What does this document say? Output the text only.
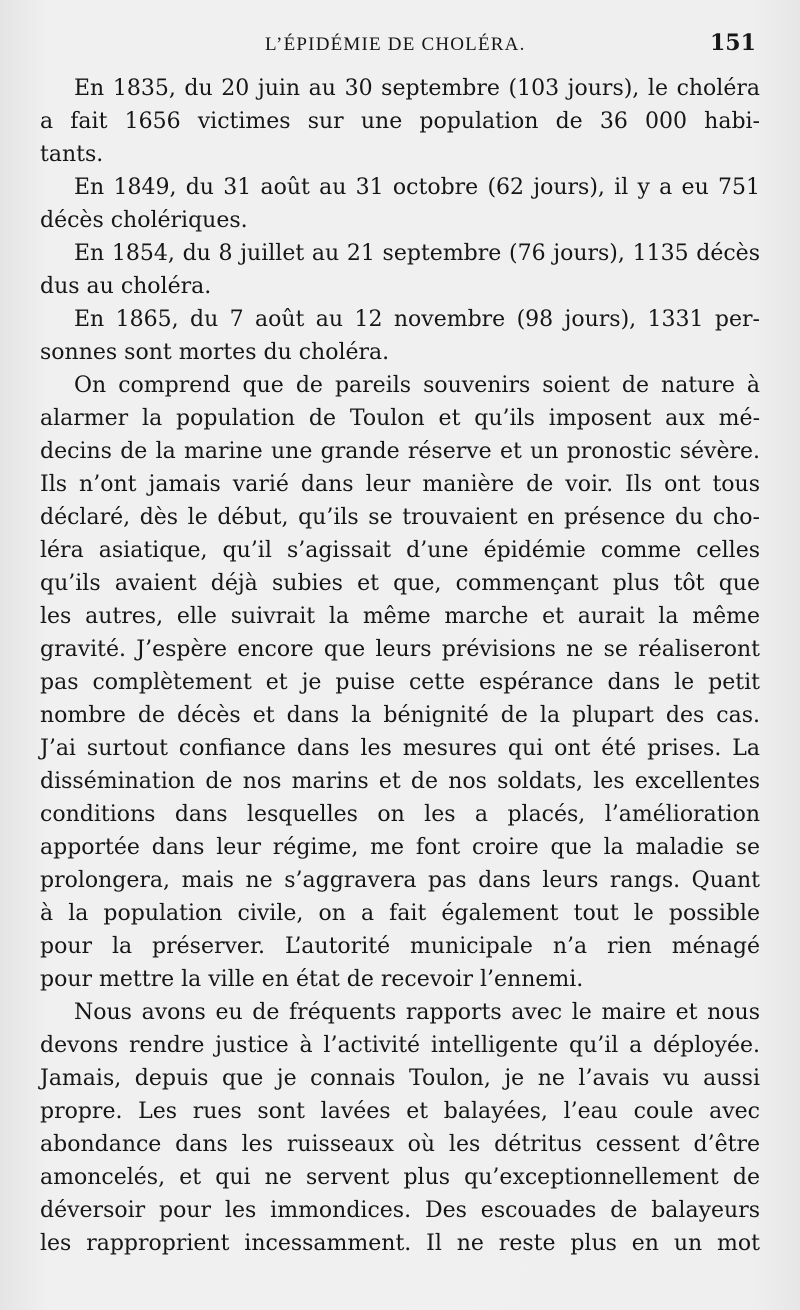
L’ÉPIDÉMIE DE CHOLÉRA.	151

En 1835, du 20 juin au 30 septembre (103 jours), le choléra
a fait 1656 victimes sur une population de 36 000 habi-
tants.

En 1849, du 31 août au 31 octobre (62 jours), il y a eu 751
décès cholériques.

En 1854, du 8 juillet au 21 septembre (76 jours), 1135 décès
dus au choléra.

En 1865, du 7 août au 12 novembre (98 jours), 1331 per-
sonnes sont mortes du choléra.

On comprend que de pareils souvenirs soient de nature à
alarmer la population de Toulon et qu’ils imposent aux mé-
decins de la marine une grande réserve et un pronostic sévère.
Ils n’ont jamais varié dans leur manière de voir. Ils ont tous
déclaré, dès le début, qu’ils se trouvaient en présence du cho-
léra asiatique, qu’il s’agissait d’une épidémie comme celles
qu’ils avaient déjà subies et que, commençant plus tôt que
les autres, elle suivrait la même marche et aurait la même
gravité. J’espère encore que leurs prévisions ne se réaliseront
pas complètement et je puise cette espérance dans le petit
nombre de décès et dans la bénignité de la plupart des cas.
J’ai surtout confiance dans les mesures qui ont été prises. La
dissémination de nos marins et de nos soldats, les excellentes
conditions dans lesquelles on les a placés, l’amélioration
apportée dans leur régime, me font croire que la maladie se
prolongera, mais ne s’aggravera pas dans leurs rangs. Quant
à la population civile, on a fait également tout le possible
pour la préserver. L’autorité municipale n’a rien ménagé
pour mettre la ville en état de recevoir l’ennemi.

Nous avons eu de fréquents rapports avec le maire et nous
devons rendre justice à l’activité intelligente qu’il a déployée.
Jamais, depuis que je connais Toulon, je ne l’avais vu aussi
propre. Les rues sont lavées et balayées, l’eau coule avec
abondance dans les ruisseaux où les détritus cessent d’être
amoncelés, et qui ne servent plus qu’exceptionnellement de
déversoir pour les immondices. Des escouades de balayeurs
les rapproprient incessamment. Il ne reste plus en un mot
